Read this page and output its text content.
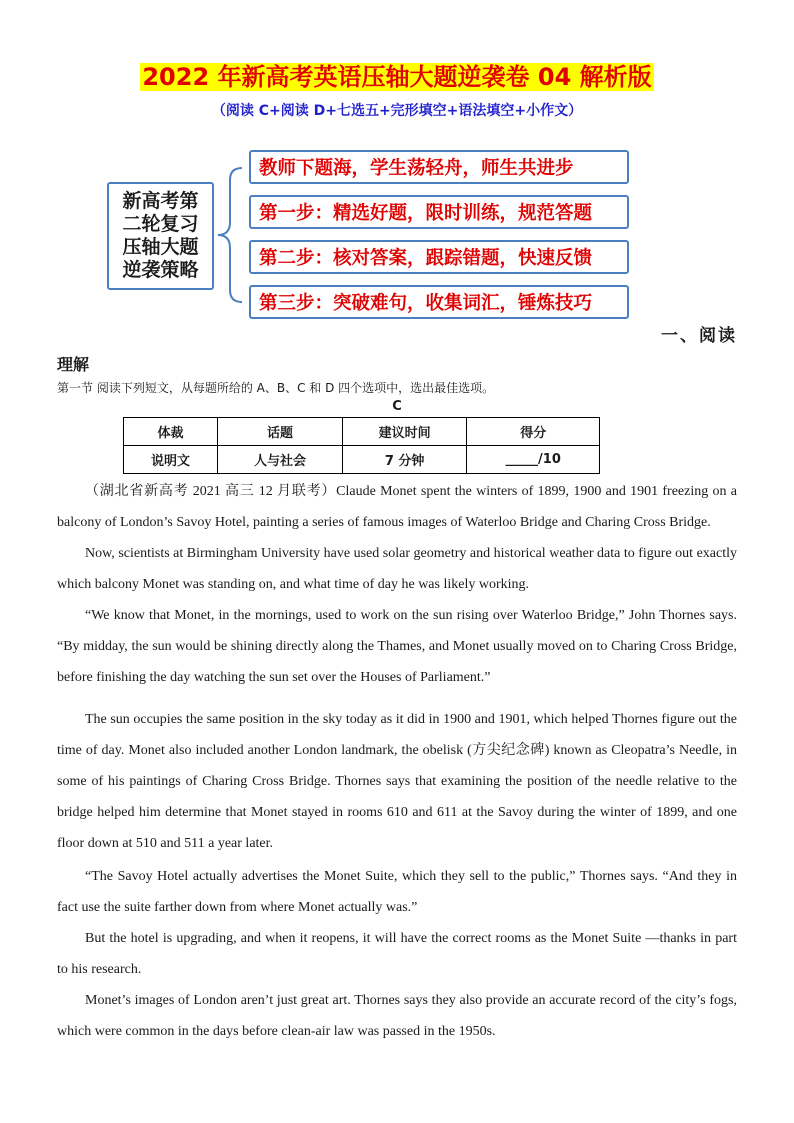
2022 年新高考英语压轴大题逆袭卷 04 解析版
（阅读 C+阅读 D+七选五+完形填空+语法填空+小作文）
新高考第二轮复习压轴大题逆袭策略
教师下题海，学生荡轻舟，师生共进步
第一步：精选好题，限时训练，规范答题
第二步：核对答案，跟踪错题，快速反馈
第三步：突破难句，收集词汇，锤炼技巧
一、阅读
理解
第一节 阅读下列短文，从每题所给的 A、B、C 和 D 四个选项中，选出最佳选项。
C
体裁	话题	建议时间	得分
说明文	人与社会	7 分钟	_____/10

（湖北省新高考 2021 高三 12 月联考）Claude Monet spent the winters of 1899, 1900 and 1901 freezing on a balcony of London’s Savoy Hotel, painting a series of famous images of Waterloo Bridge and Charing Cross Bridge.

Now, scientists at Birmingham University have used solar geometry and historical weather data to figure out exactly which balcony Monet was standing on, and what time of day he was likely working.

“We know that Monet, in the mornings, used to work on the sun rising over Waterloo Bridge,” John Thornes says. “By midday, the sun would be shining directly along the Thames, and Monet usually moved on to Charing Cross Bridge, before finishing the day watching the sun set over the Houses of Parliament.”

The sun occupies the same position in the sky today as it did in 1900 and 1901, which helped Thornes figure out the time of day. Monet also included another London landmark, the obelisk (方尖纪念碑) known as Cleopatra’s Needle, in some of his paintings of Charing Cross Bridge. Thornes says that examining the position of the needle relative to the bridge helped him determine that Monet stayed in rooms 610 and 611 at the Savoy during the winter of 1899, and one floor down at 510 and 511 a year later.

“The Savoy Hotel actually advertises the Monet Suite, which they sell to the public,” Thornes says. “And they in fact use the suite farther down from where Monet actually was.”

But the hotel is upgrading, and when it reopens, it will have the correct rooms as the Monet Suite —thanks in part to his research.

Monet’s images of London aren’t just great art. Thornes says they also provide an accurate record of the city’s fogs, which were common in the days before clean-air law was passed in the 1950s.
